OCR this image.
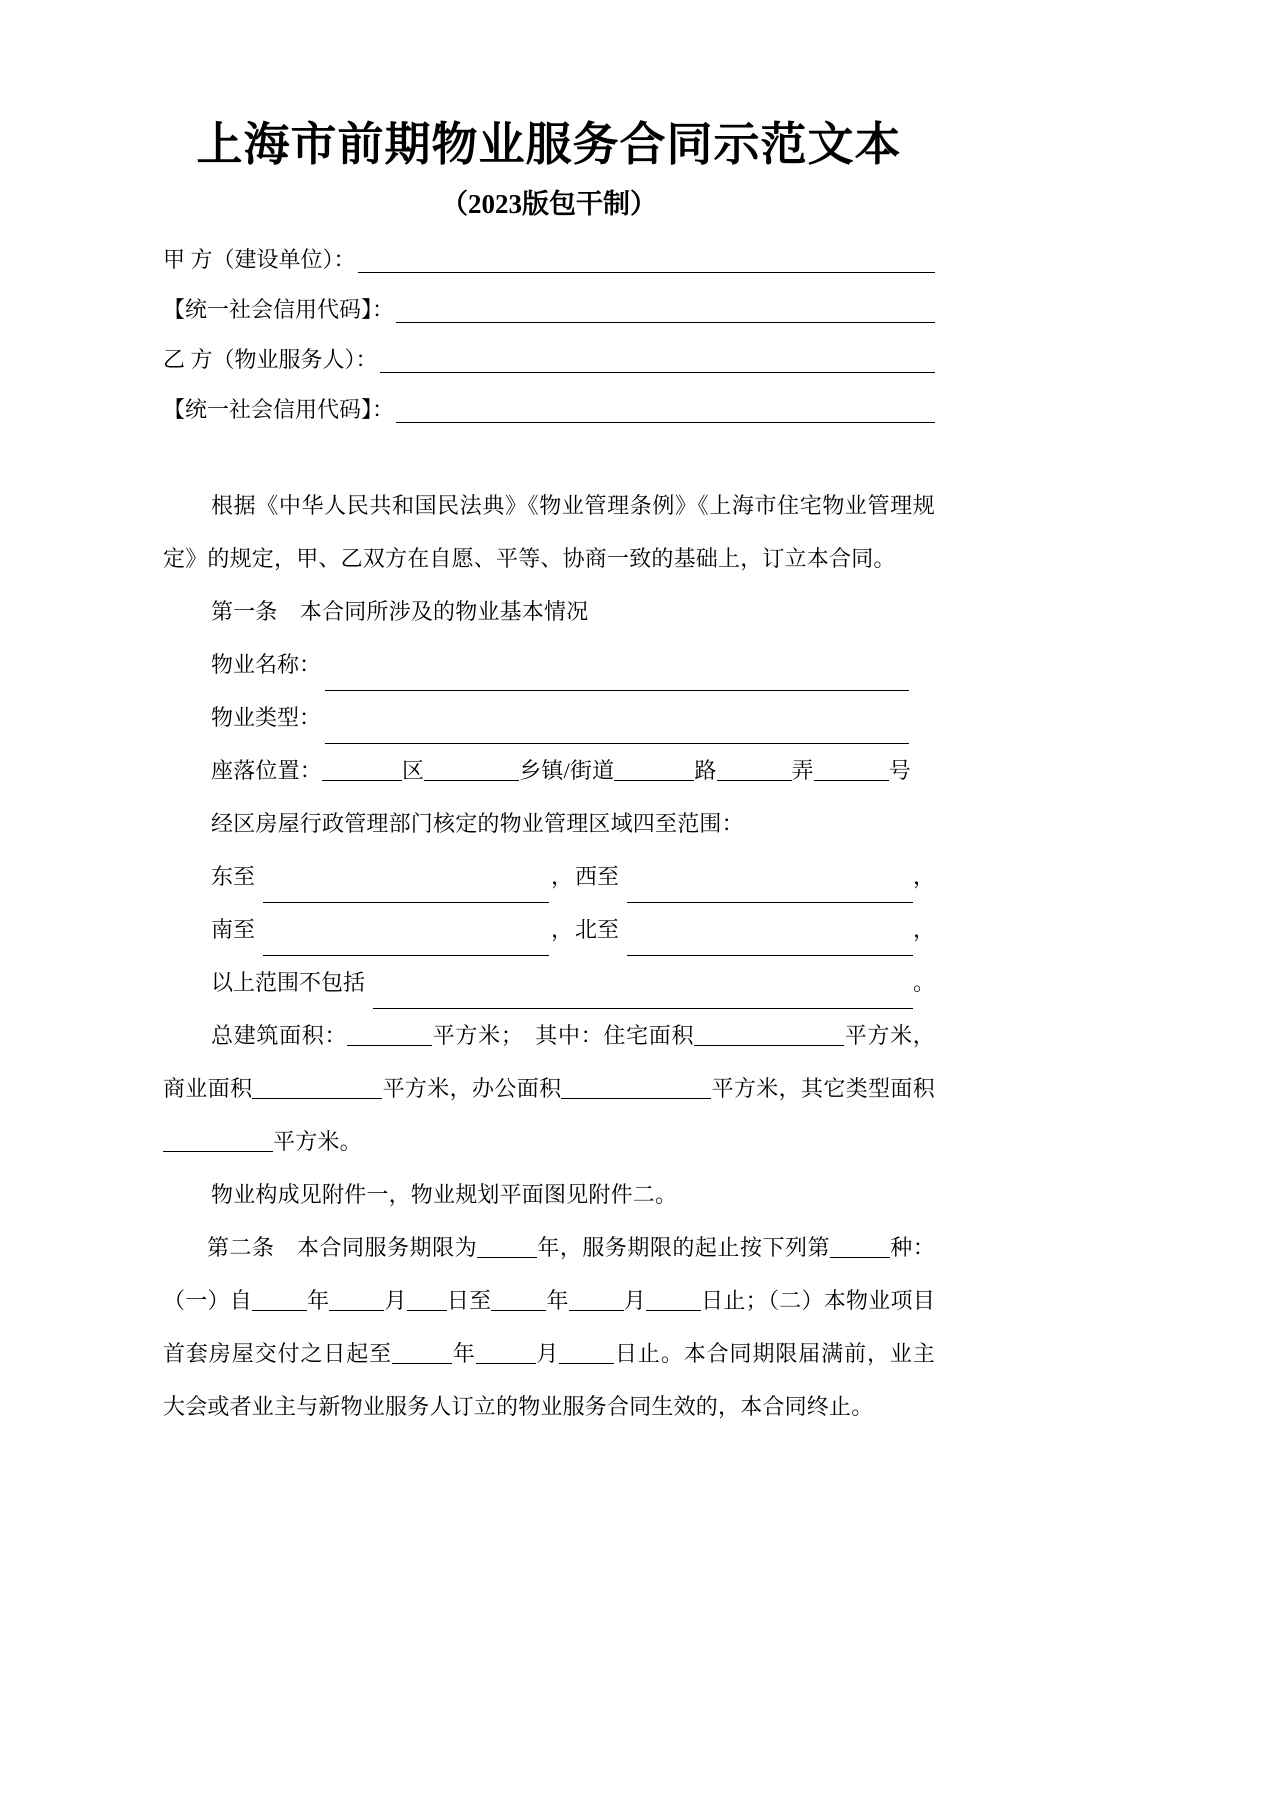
上海市前期物业服务合同示范文本
（2023版包干制）
甲 方（建设单位）：
【统一社会信用代码】：
乙 方（物业服务人）：
【统一社会信用代码】：

根据《中华人民共和国民法典》《物业管理条例》《上海市住宅物业管理规定》的规定，甲、乙双方在自愿、平等、协商一致的基础上，订立本合同。

第一条　本合同所涉及的物业基本情况

物业名称：
物业类型：

座落位置：	区	乡镇/街道	路	弄	号

经区房屋行政管理部门核定的物业管理区域四至范围：

东至	， 西至	，
南至	， 北至	，
以上范围不包括	。

总建筑面积：	平方米；　 其中：住宅面积	平方米，商业面积	平方米，办公面积	平方米，其它类型面积平方米。

物业构成见附件一，物业规划平面图见附件二。

第二条　本合同服务期限为	年，服务期限的起止按下列第	种：（一）自	年	月 日至	年	月	日止；（二）本物业项目首套房屋交付之日起至	年	月	日止。本合同期限届满前，业主大会或者业主与新物业服务人订立的物业服务合同生效的，本合同终止。
